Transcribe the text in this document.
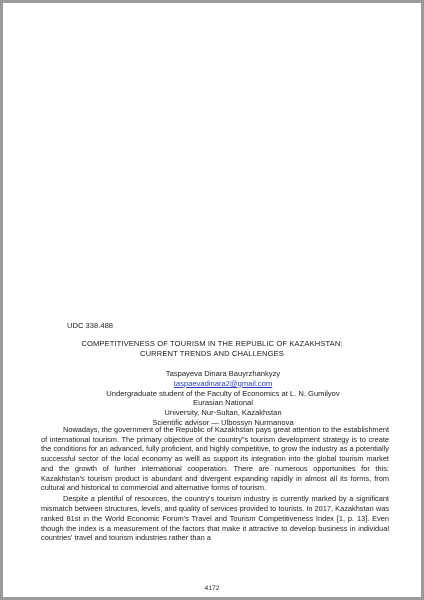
UDC 338.488
COMPETITIVENESS OF TOURISM IN THE REPUBLIC OF KAZAKHSTAN:
CURRENT TRENDS AND CHALLENGES
Taspayeva Dinara Bauyrzhankyzy
taspaevadinara2@gmail.com
Undergraduate student of the Faculty of Economics at L. N. Gumilyov Eurasian National
University, Nur-Sultan, Kazakhstan
Scientific advisor — Ulbossyn Nurmanova

Nowadays, the government of the Republic of Kazakhstan pays great attention to the establishment of international tourism. The primary objective of the country"s tourism development strategy is to create the conditions for an advanced, fully proficient, and highly competitive, to grow the industry as a potentially successful sector of the local economy as welll as support its integration into the global tourism market and the growth of further international cooperation. There are numerous opportunities for this: Kazakhstan's tourism product is abundant and divergent expanding rapidly in almost all its forms, from cultural and historical to commercial and alternative forms of tourism.

Despite a plentiful of resources, the country's tourism industry is currently marked by a significant mismatch between structures, levels, and quality of services provided to tourists. In 2017, Kazakhstan was ranked 81st in the World Economic Forum's Travel and Tourism Competitiveness Index [1, p. 13]. Even though the index is a measurement of the factors that make it attractive to develop business in individual countries' travel and tourism industries rather than a

4172
